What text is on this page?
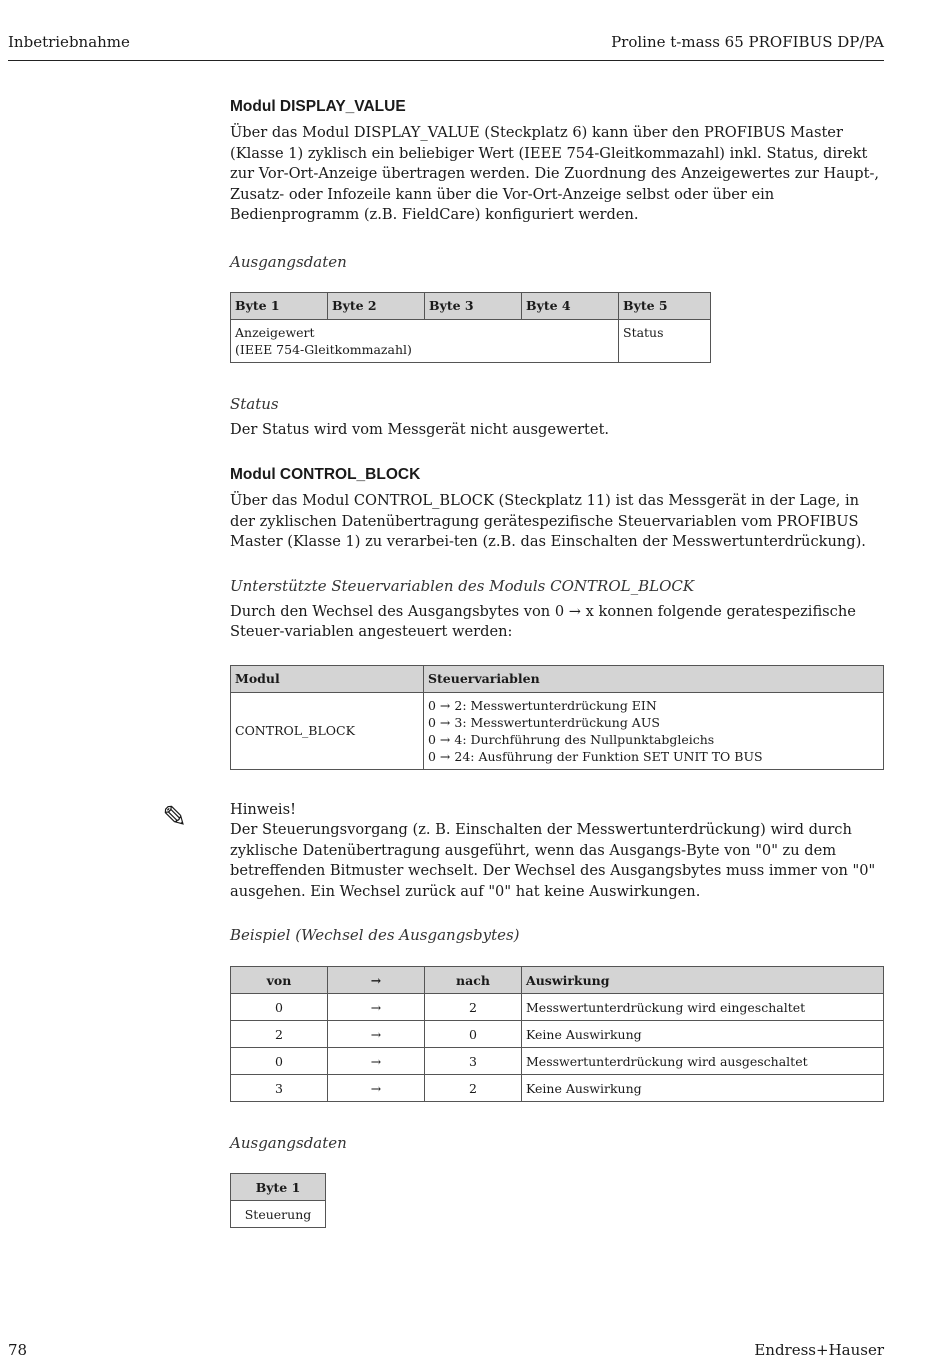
Inbetriebnahme	Proline t-mass 65 PROFIBUS DP/PA
Modul DISPLAY_VALUE

Über das Modul DISPLAY_VALUE (Steckplatz 6) kann über den PROFIBUS Master (Klasse 1) zyklisch ein beliebiger Wert (IEEE 754-Gleitkommazahl) inkl. Status, direkt zur Vor-Ort-Anzeige übertragen werden. Die Zuordnung des Anzeigewertes zur Haupt-, Zusatz- oder Infozeile kann über die Vor-Ort-Anzeige selbst oder über ein Bedienprogramm (z.B. FieldCare) konfiguriert werden.

Ausgangsdaten
Byte 1	Byte 2	Byte 3	Byte 4	Byte 5

Anzeigewert
(IEEE 754-Gleitkommazahl)				Status
Status

Der Status wird vom Messgerät nicht ausgewertet.

Modul CONTROL_BLOCK

Über das Modul CONTROL_BLOCK (Steckplatz 11) ist das Messgerät in der Lage, in der zyklischen Datenübertragung gerätespezifische Steuervariablen vom PROFIBUS Master (Klasse 1) zu verarbei-ten (z.B. das Einschalten der Messwertunterdrückung).

Unterstützte Steuervariablen des Moduls CONTROL_BLOCK

Durch den Wechsel des Ausgangsbytes von 0 → x konnen folgende geratespezifische Steuer-variablen angesteuert werden:

Modul	Steuervariablen
CONTROL_BLOCK	0 → 2: Messwertunterdrückung EIN
0 → 3: Messwertunterdrückung AUS
0 → 4: Durchführung des Nullpunktabgleichs
0 → 24: Ausführung der Funktion SET UNIT TO BUS
✎	Hinweis!

Der Steuerungsvorgang (z. B. Einschalten der Messwertunterdrückung) wird durch zyklische Datenübertragung ausgeführt, wenn das Ausgangs-Byte von "0" zu dem betreffenden Bitmuster wechselt. Der Wechsel des Ausgangsbytes muss immer von "0" ausgehen. Ein Wechsel zurück auf "0" hat keine Auswirkungen.

Beispiel (Wechsel des Ausgangsbytes)
von	→	nach	Auswirkung
0	→	2	Messwertunterdrückung wird eingeschaltet
2	→	0	Keine Auswirkung
0	→	3	Messwertunterdrückung wird ausgeschaltet
3	→	2	Keine Auswirkung
Ausgangsdaten
Byte 1
Steuerung
78	Endress+Hauser
